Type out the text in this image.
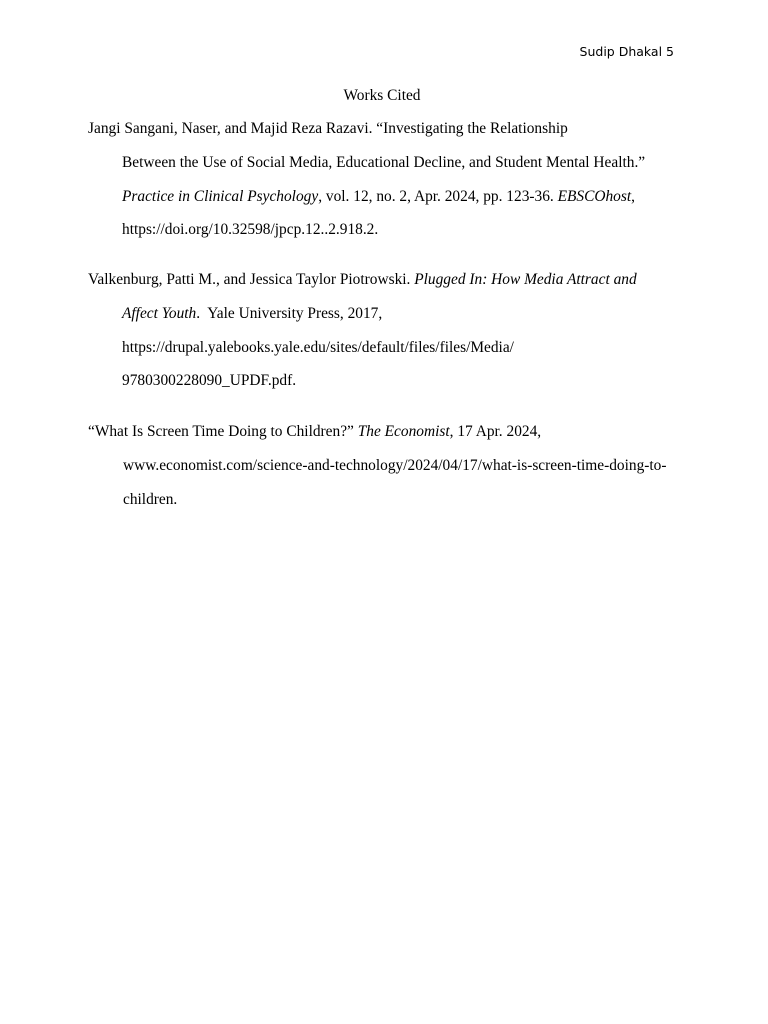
Sudip Dhakal 5
Works Cited
Jangi Sangani, Naser, and Majid Reza Razavi. “Investigating the Relationship
Between the Use of Social Media, Educational Decline, and Student Mental Health.”
Practice in Clinical Psychology, vol. 12, no. 2, Apr. 2024, pp. 123-36. EBSCOhost,
https://doi.org/10.32598/jpcp.12..2.918.2.
Valkenburg, Patti M., and Jessica Taylor Piotrowski. Plugged In: How Media Attract and
Affect Youth.  Yale University Press, 2017,
https://drupal.yalebooks.yale.edu/sites/default/files/files/Media/
9780300228090_UPDF.pdf.
“What Is Screen Time Doing to Children?” The Economist, 17 Apr. 2024,
www.economist.com/science-and-technology/2024/04/17/what-is-screen-time-doing-to-
children.
